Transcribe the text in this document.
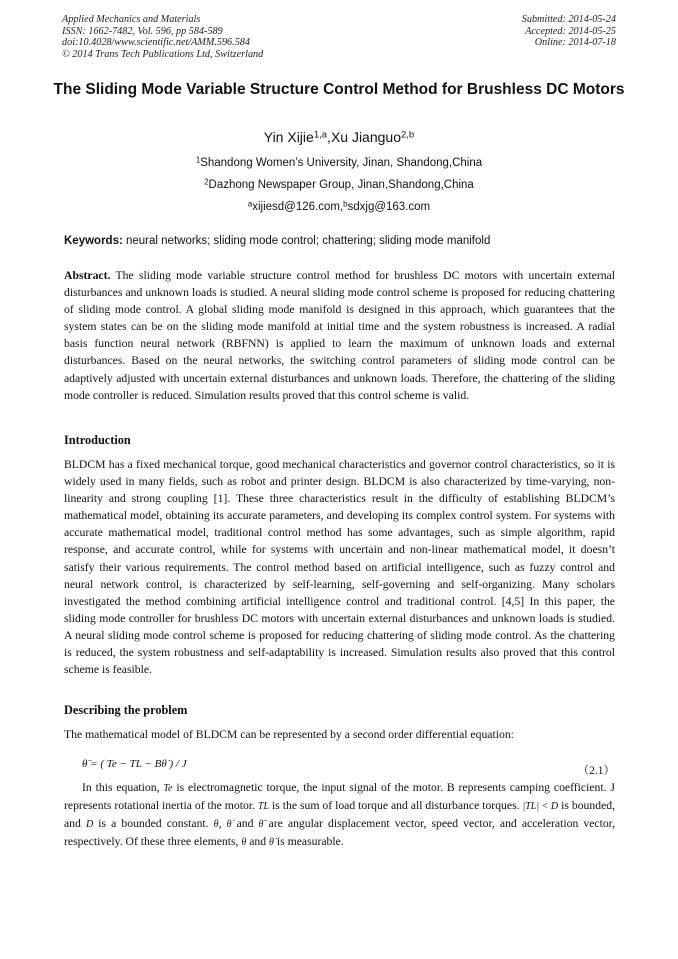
Applied Mechanics and Materials
ISSN: 1662-7482, Vol. 596, pp 584-589
doi:10.4028/www.scientific.net/AMM.596.584
© 2014 Trans Tech Publications Ltd, Switzerland
Submitted: 2014-05-24
Accepted: 2014-05-25
Online: 2014-07-18
The Sliding Mode Variable Structure Control Method for Brushless DC Motors
Yin Xijie$^{1,a}$,Xu Jianguo$^{2,b}$
$^1$Shandong Women’s University, Jinan, Shandong,China
$^2$Dazhong Newspaper Group, Jinan,Shandong,China
$^a$xijiesd@126.com,$^b$sdxjg@163.com
Keywords: neural networks; sliding mode control; chattering; sliding mode manifold
Abstract. The sliding mode variable structure control method for brushless DC motors with uncertain external disturbances and unknown loads is studied. A neural sliding mode control scheme is proposed for reducing chattering of sliding mode control. A global sliding mode manifold is designed in this approach, which guarantees that the system states can be on the sliding mode manifold at initial time and the system robustness is increased. A radial basis function neural network (RBFNN) is applied to learn the maximum of unknown loads and external disturbances. Based on the neural networks, the switching control parameters of sliding mode control can be adaptively adjusted with uncertain external disturbances and unknown loads. Therefore, the chattering of the sliding mode controller is reduced. Simulation results proved that this control scheme is valid.
Introduction
BLDCM has a fixed mechanical torque, good mechanical characteristics and governor control characteristics, so it is widely used in many fields, such as robot and printer design. BLDCM is also characterized by time-varying, non-linearity and strong coupling [1]. These three characteristics result in the difficulty of establishing BLDCM’s mathematical model, obtaining its accurate parameters, and developing its complex control system. For systems with accurate mathematical model, traditional control method has some advantages, such as simple algorithm, rapid response, and accurate control, while for systems with uncertain and non-linear mathematical model, it doesn’t satisfy their various requirements. The control method based on artificial intelligence, such as fuzzy control and neural network control, is characterized by self-learning, self-governing and self-organizing. Many scholars investigated the method combining artificial intelligence control and traditional control. [4,5] In this paper, the sliding mode controller for brushless DC motors with uncertain external disturbances and unknown loads is studied. A neural sliding mode control scheme is proposed for reducing chattering of sliding mode control. As the chattering is reduced, the system robustness and self-adaptability is increased. Simulation results also proved that this control scheme is feasible.
Describing the problem
The mathematical model of BLDCM can be represented by a second order differential equation:
θ̈ = ( Te − TL − Bθ̇ ) / J
（2.1）
In this equation, Te is electromagnetic torque, the input signal of the motor. B represents camping coefficient. J represents rotational inertia of the motor. TL is the sum of load torque and all disturbance torques. |TL| < D is bounded, and D is a bounded constant. θ, θ̇ and θ̈ are angular displacement vector, speed vector, and acceleration vector, respectively. Of these three elements, θ and θ̇ is measurable.
